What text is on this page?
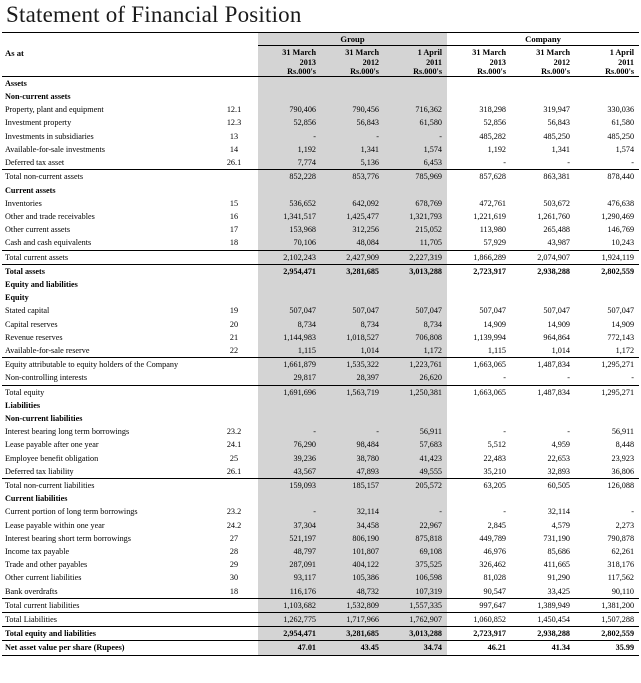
Statement of Financial Position
		Group			Company		
As at		31 March	31 March	1 April	31 March	31 March	1 April
		2013	2012	2011	2013	2012	2011
		Rs.000's	Rs.000's	Rs.000's	Rs.000's	Rs.000's	Rs.000's
Assets							
Non-current assets							
Property, plant and equipment	12.1	790,406	790,456	716,362	318,298	319,947	330,036
Investment property	12.3	52,856	56,843	61,580	52,856	56,843	61,580
Investments in subsidiaries	13	-	-	-	485,282	485,250	485,250
Available-for-sale investments	14	1,192	1,341	1,574	1,192	1,341	1,574
Deferred tax asset	26.1	7,774	5,136	6,453	-	-	-
Total non-current assets		852,228	853,776	785,969	857,628	863,381	878,440
Current assets							
Inventories	15	536,652	642,092	678,769	472,761	503,672	476,638
Other and trade receivables	16	1,341,517	1,425,477	1,321,793	1,221,619	1,261,760	1,290,469
Other current assets	17	153,968	312,256	215,052	113,980	265,488	146,769
Cash and cash equivalents	18	70,106	48,084	11,705	57,929	43,987	10,243
Total current assets		2,102,243	2,427,909	2,227,319	1,866,289	2,074,907	1,924,119
Total assets		2,954,471	3,281,685	3,013,288	2,723,917	2,938,288	2,802,559
Equity and liabilities							
Equity							
Stated capital	19	507,047	507,047	507,047	507,047	507,047	507,047
Capital reserves	20	8,734	8,734	8,734	14,909	14,909	14,909
Revenue reserves	21	1,144,983	1,018,527	706,808	1,139,994	964,864	772,143
Available-for-sale reserve	22	1,115	1,014	1,172	1,115	1,014	1,172
Equity attributable to equity holders of the Company		1,661,879	1,535,322	1,223,761	1,663,065	1,487,834	1,295,271
Non-controlling interests		29,817	28,397	26,620	-	-	-
Total equity		1,691,696	1,563,719	1,250,381	1,663,065	1,487,834	1,295,271
Liabilities							
Non-current liabilities							
Interest bearing long term borrowings	23.2	-	-	56,911	-	-	56,911
Lease payable after one year	24.1	76,290	98,484	57,683	5,512	4,959	8,448
Employee benefit obligation	25	39,236	38,780	41,423	22,483	22,653	23,923
Deferred tax liability	26.1	43,567	47,893	49,555	35,210	32,893	36,806
Total non-current liabilities		159,093	185,157	205,572	63,205	60,505	126,088
Current liabilities							
Current portion of long term borrowings	23.2	-	32,114	-	-	32,114	-
Lease payable within one year	24.2	37,304	34,458	22,967	2,845	4,579	2,273
Interest bearing short term borrowings	27	521,197	806,190	875,818	449,789	731,190	790,878
Income tax payable	28	48,797	101,807	69,108	46,976	85,686	62,261
Trade and other payables	29	287,091	404,122	375,525	326,462	411,665	318,176
Other current liabilities	30	93,117	105,386	106,598	81,028	91,290	117,562
Bank overdrafts	18	116,176	48,732	107,319	90,547	33,425	90,110
Total current liabilities		1,103,682	1,532,809	1,557,335	997,647	1,389,949	1,381,200
Total Liabilities		1,262,775	1,717,966	1,762,907	1,060,852	1,450,454	1,507,288
Total equity and liabilities		2,954,471	3,281,685	3,013,288	2,723,917	2,938,288	2,802,559
Net asset value per share (Rupees)		47.01	43.45	34.74	46.21	41.34	35.99
